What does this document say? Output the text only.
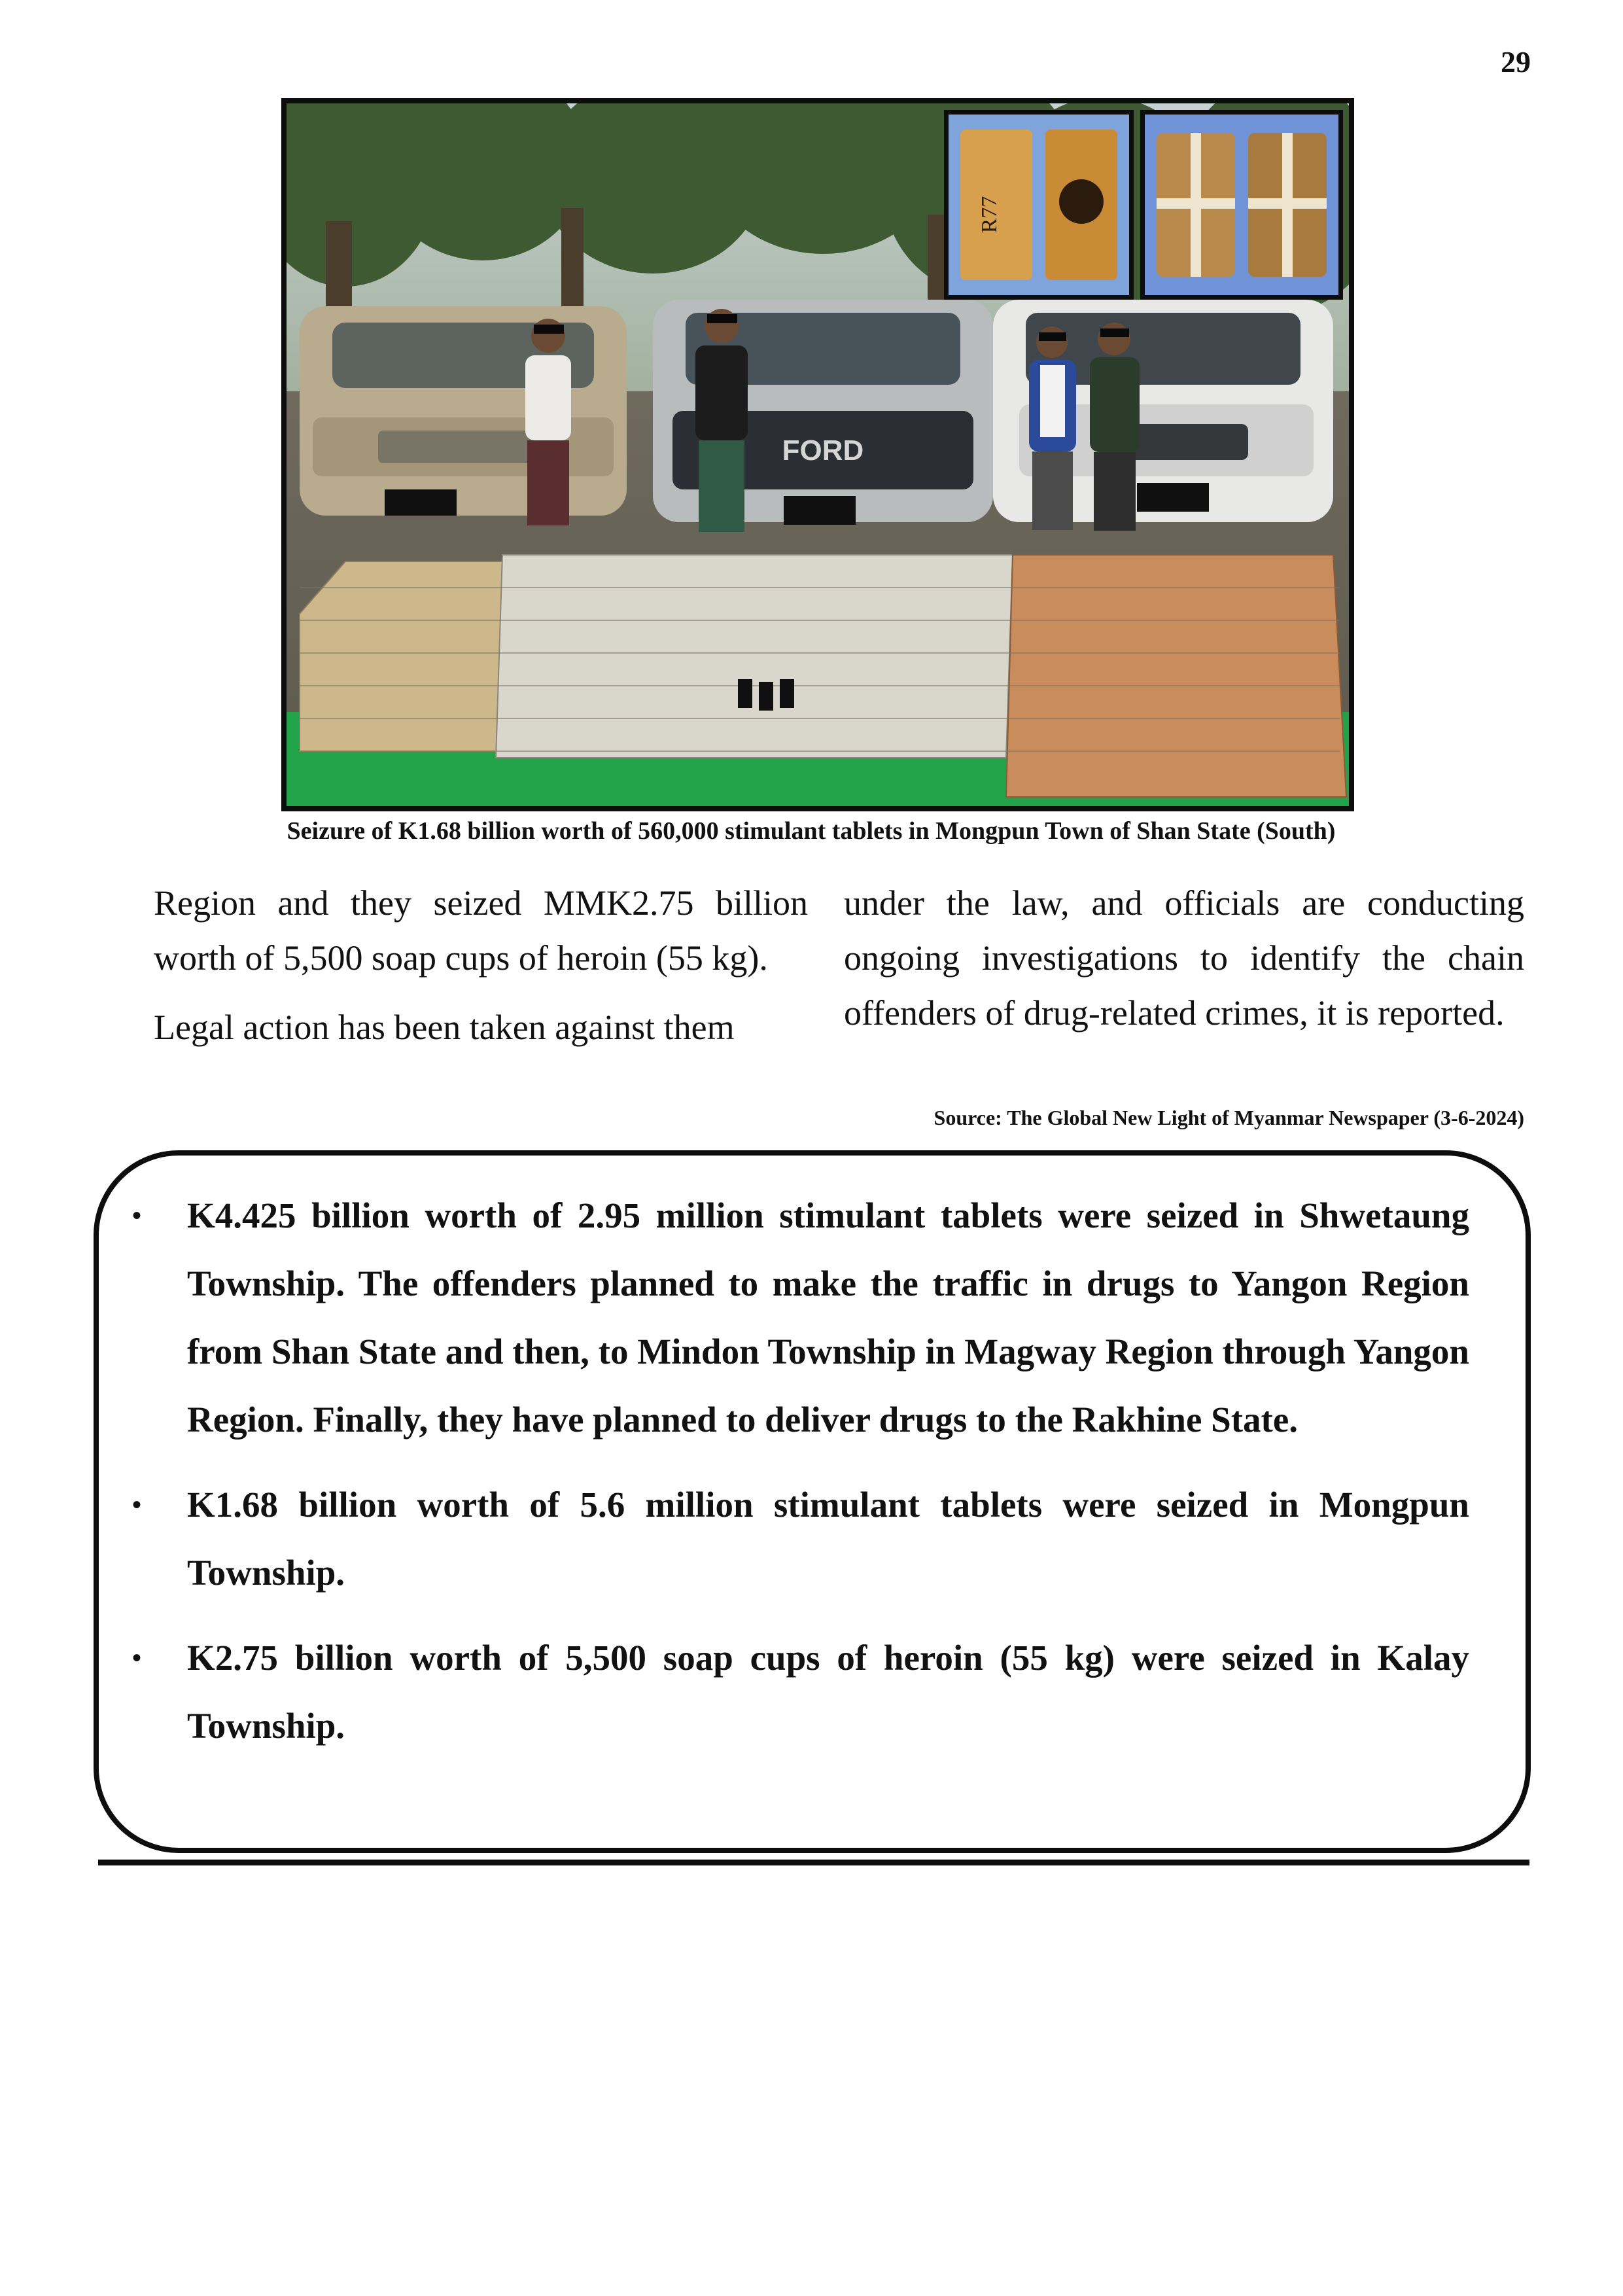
29
FORD
R77
Seizure of K1.68 billion worth of 560,000 stimulant tablets in Mongpun Town of Shan State (South)

Region and they seized MMK2.75 billion worth of 5,500 soap cups of heroin (55 kg).

Legal action has been taken against them

under the law, and officials are conducting ongoing investigations to identify the chain offenders of drug-related crimes, it is reported.

Source: The Global New Light of Myanmar Newspaper (3-6-2024)
• K4.425 billion worth of 2.95 million stimulant tablets were seized in Shwetaung Township. The offenders planned to make the traffic in drugs to Yangon Region from Shan State and then, to Mindon Township in Magway Region through Yangon Region. Finally, they have planned to deliver drugs to the Rakhine State.
• K1.68 billion worth of 5.6 million stimulant tablets were seized in Mongpun Township.
• K2.75 billion worth of 5,500 soap cups of heroin (55 kg) were seized in Kalay Township.
